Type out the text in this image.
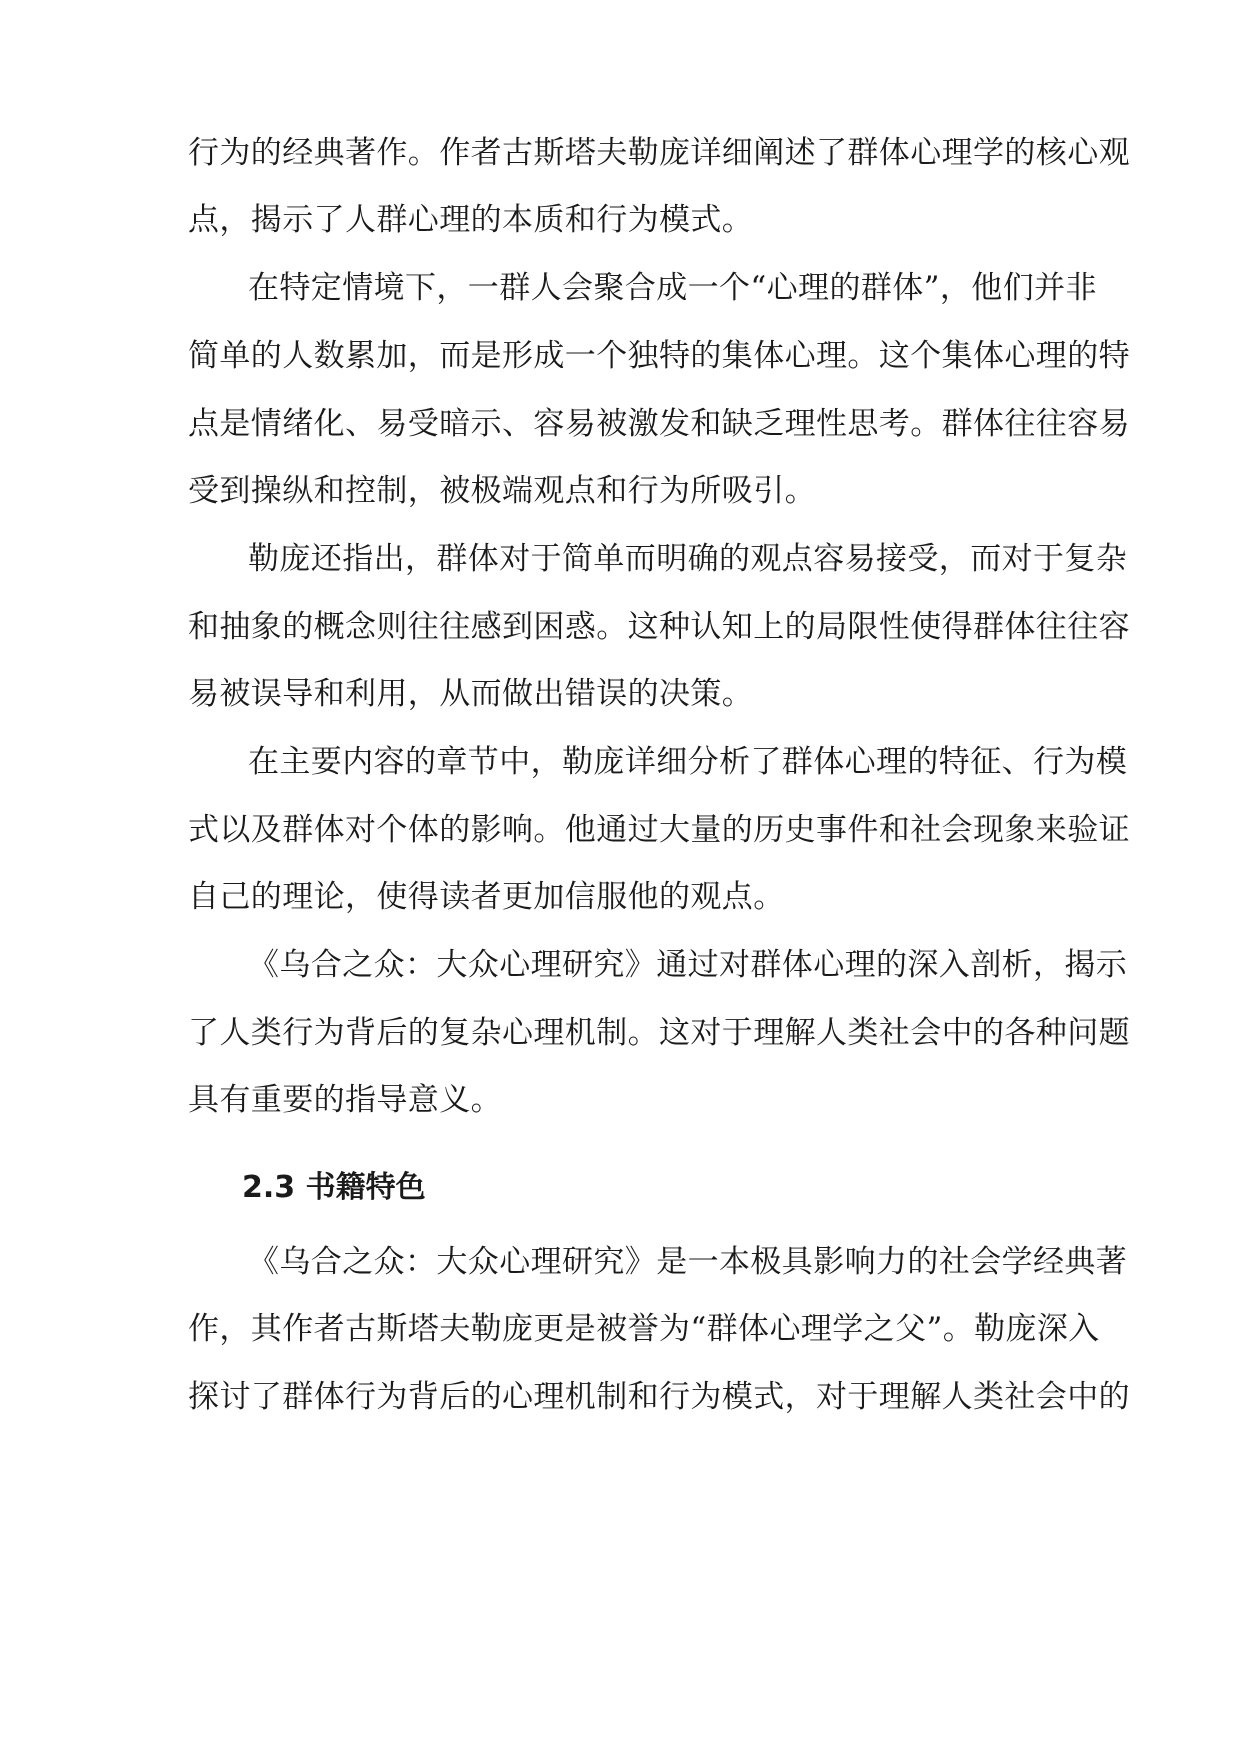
行为的经典著作。作者古斯塔夫勒庞详细阐述了群体心理学的核心观
点，揭示了人群心理的本质和行为模式。
在特定情境下，一群人会聚合成一个“心理的群体”，他们并非
简单的人数累加，而是形成一个独特的集体心理。这个集体心理的特
点是情绪化、易受暗示、容易被激发和缺乏理性思考。群体往往容易
受到操纵和控制，被极端观点和行为所吸引。
勒庞还指出，群体对于简单而明确的观点容易接受，而对于复杂
和抽象的概念则往往感到困惑。这种认知上的局限性使得群体往往容
易被误导和利用，从而做出错误的决策。
在主要内容的章节中，勒庞详细分析了群体心理的特征、行为模
式以及群体对个体的影响。他通过大量的历史事件和社会现象来验证
自己的理论，使得读者更加信服他的观点。
《乌合之众：大众心理研究》通过对群体心理的深入剖析，揭示
了人类行为背后的复杂心理机制。这对于理解人类社会中的各种问题
具有重要的指导意义。
2.3 书籍特色
《乌合之众：大众心理研究》是一本极具影响力的社会学经典著
作，其作者古斯塔夫勒庞更是被誉为“群体心理学之父”。勒庞深入
探讨了群体行为背后的心理机制和行为模式，对于理解人类社会中的
